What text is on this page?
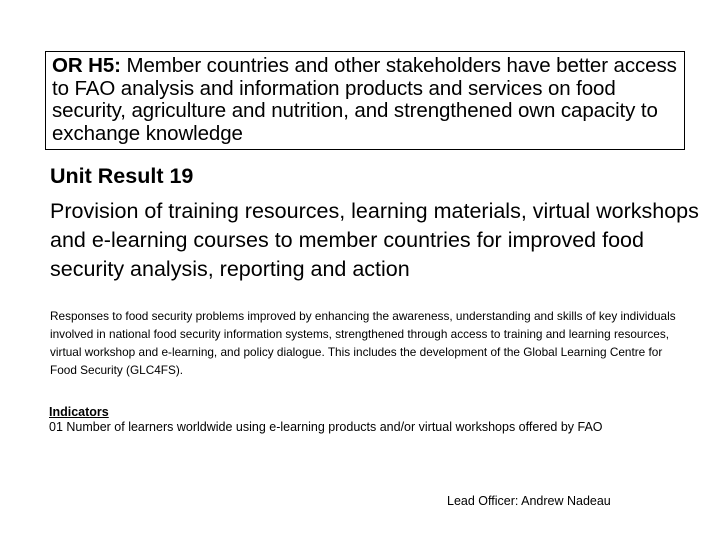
OR H5: Member countries and other stakeholders have better access to FAO analysis and information products and services on food security, agriculture and nutrition, and strengthened own capacity to exchange knowledge
Unit Result 19
Provision of training resources, learning materials, virtual workshops and e-learning courses to member countries for improved food security analysis, reporting and action
Responses to food security problems improved by enhancing the awareness, understanding and skills of key individuals involved in national food security information systems, strengthened through access to training and learning resources, virtual workshop and e-learning, and policy dialogue. This includes the development of the Global Learning Centre for Food Security (GLC4FS).
Indicators
01 Number of learners worldwide using e-learning products and/or virtual workshops offered by FAO
Lead Officer: Andrew Nadeau
